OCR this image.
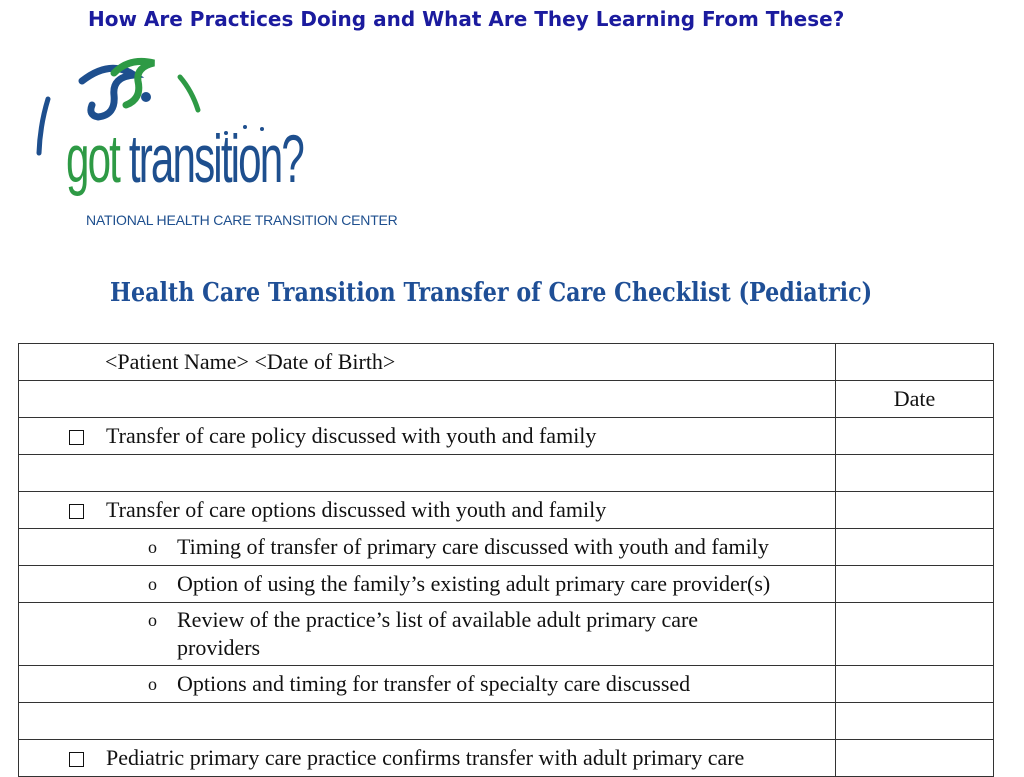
How Are Practices Doing and What Are They Learning From These?
got transition?
NATIONAL HEALTH CARE TRANSITION CENTER
Health Care Transition Transfer of Care Checklist (Pediatric)
<Patient Name> <Date of Birth>	

	Date

Transfer of care policy discussed with youth and family	

Transfer of care options discussed with youth and family	

o Timing of transfer of primary care discussed with youth and family	

o Option of using the family’s existing adult primary care provider(s)	

o Review of the practice’s list of available adult primary care providers	

o Options and timing for transfer of specialty care discussed	

Pediatric primary care practice confirms transfer with adult primary care	
